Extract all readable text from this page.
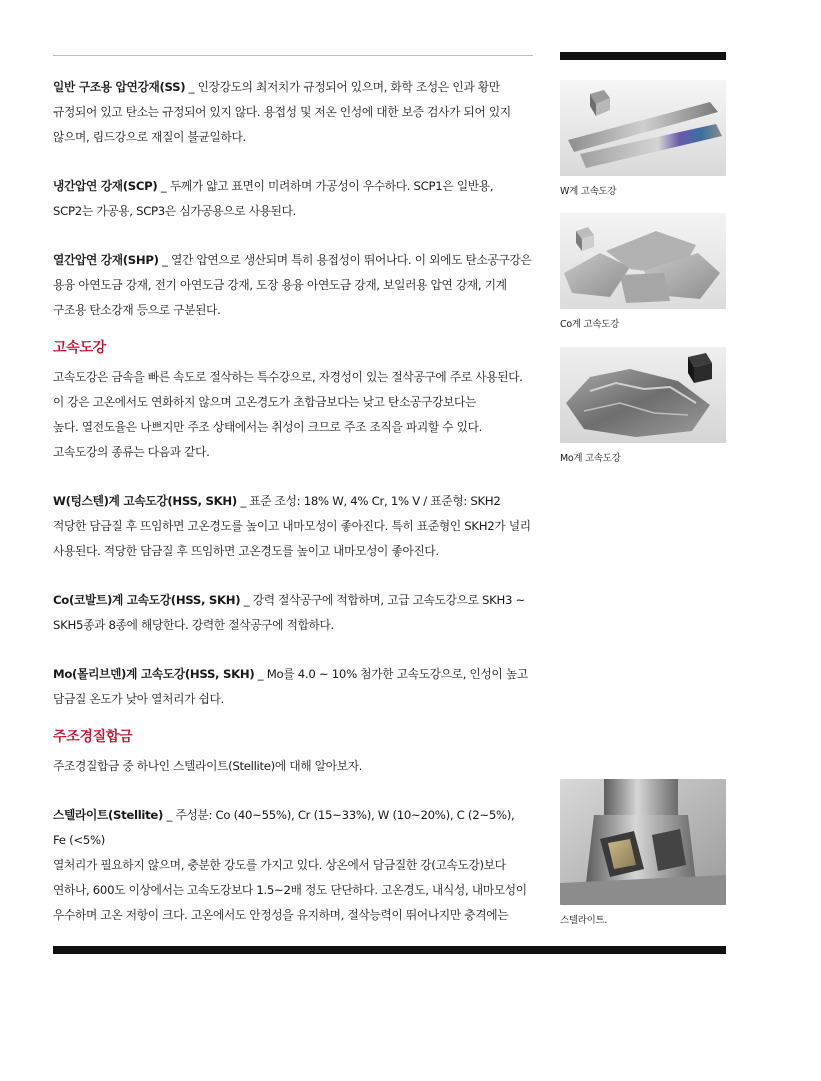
일반 구조용 압연강재(SS) _ 인장강도의 최저치가 규정되어 있으며, 화학 조성은 인과 황만
규정되어 있고 탄소는 규정되어 있지 않다. 용접성 및 저온 인성에 대한 보증 검사가 되어 있지
않으며, 림드강으로 재질이 불균일하다.

냉간압연 강재(SCP) _ 두께가 얇고 표면이 미려하며 가공성이 우수하다. SCP1은 일반용,
SCP2는 가공용, SCP3은 심가공용으로 사용된다.

열간압연 강재(SHP) _ 열간 압연으로 생산되며 특히 용접성이 뛰어나다. 이 외에도 탄소공구강은
용융 아연도금 강재, 전기 아연도금 강재, 도장 용융 아연도금 강재, 보일러용 압연 강재, 기계
구조용 탄소강재 등으로 구분된다.

고속도강

고속도강은 금속을 빠른 속도로 절삭하는 특수강으로, 자경성이 있는 절삭공구에 주로 사용된다.
이 강은 고온에서도 연화하지 않으며 고온경도가 초합금보다는 낮고 탄소공구강보다는
높다. 열전도율은 나쁘지만 주조 상태에서는 취성이 크므로 주조 조직을 파괴할 수 있다.
고속도강의 종류는 다음과 같다.

W(텅스텐)계 고속도강(HSS, SKH) _ 표준 조성: 18% W, 4% Cr, 1% V / 표준형: SKH2
적당한 담금질 후 뜨임하면 고온경도를 높이고 내마모성이 좋아진다. 특히 표준형인 SKH2가 널리
사용된다. 적당한 담금질 후 뜨임하면 고온경도를 높이고 내마모성이 좋아진다.

Co(코발트)계 고속도강(HSS, SKH) _ 강력 절삭공구에 적합하며, 고급 고속도강으로 SKH3 ~
SKH5종과 8종에 해당한다. 강력한 절삭공구에 적합하다.

Mo(몰리브덴)계 고속도강(HSS, SKH) _ Mo를 4.0 ~ 10% 첨가한 고속도강으로, 인성이 높고
담금질 온도가 낮아 열처리가 쉽다.

주조경질합금

주조경질합금 중 하나인 스텔라이트(Stellite)에 대해 알아보자.

스텔라이트(Stellite) _ 주성분: Co (40~55%), Cr (15~33%), W (10~20%), C (2~5%),
Fe (<5%)
열처리가 필요하지 않으며, 충분한 강도를 가지고 있다. 상온에서 담금질한 강(고속도강)보다
연하나, 600도 이상에서는 고속도강보다 1.5~2배 정도 단단하다. 고온경도, 내식성, 내마모성이
우수하며 고온 저항이 크다. 고온에서도 안정성을 유지하며, 절삭능력이 뛰어나지만 충격에는

W계 고속도강
Co계 고속도강
Mo계 고속도강
스텔라이트.
